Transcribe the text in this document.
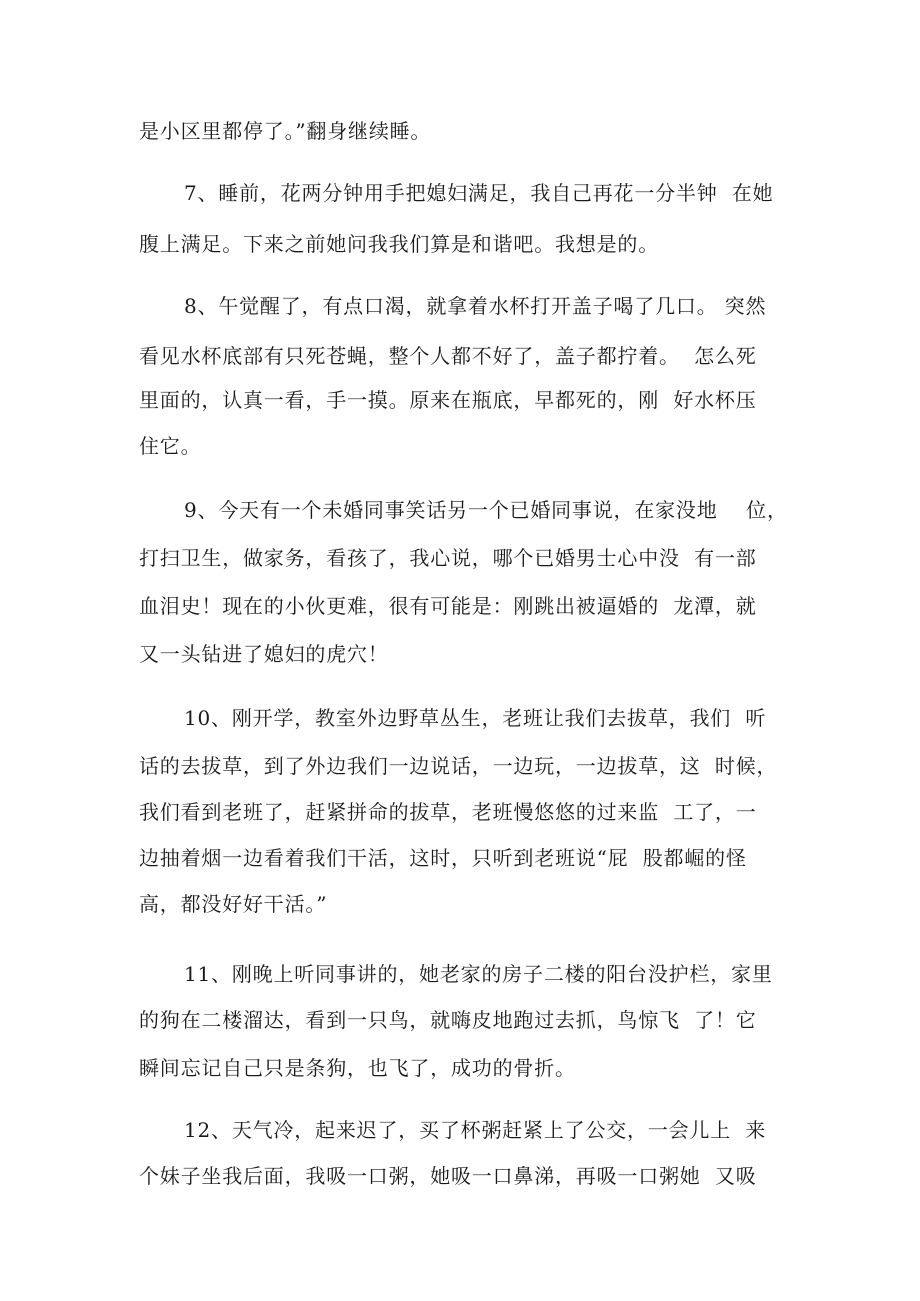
是小区里都停了。”翻身继续睡。
7、睡前，花两分钟用手把媳妇满足，我自己再花一分半钟  在她
腹上满足。下来之前她问我我们算是和谐吧。我想是的。
8、午觉醒了，有点口渴，就拿着水杯打开盖子喝了几口。 突然
看见水杯底部有只死苍蝇，整个人都不好了，盖子都拧着。  怎么死
里面的，认真一看，手一摸。原来在瓶底，早都死的，刚  好水杯压
住它。
9、今天有一个未婚同事笑话另一个已婚同事说，在家没地    位，
打扫卫生，做家务，看孩了，我心说，哪个已婚男士心中没  有一部
血泪史！现在的小伙更难，很有可能是：刚跳出被逼婚的  龙潭，就
又一头钻进了媳妇的虎穴！
10、刚开学，教室外边野草丛生，老班让我们去拔草，我们  听
话的去拔草，到了外边我们一边说话，一边玩，一边拔草，这  时候，
我们看到老班了，赶紧拼命的拔草，老班慢悠悠的过来监  工了，一
边抽着烟一边看着我们干活，这时，只听到老班说“屁  股都崛的怪
高，都没好好干活。”
11、刚晚上听同事讲的，她老家的房子二楼的阳台没护栏，家里
的狗在二楼溜达，看到一只鸟，就嗨皮地跑过去抓，鸟惊飞  了！它
瞬间忘记自己只是条狗，也飞了，成功的骨折。
12、天气冷，起来迟了，买了杯粥赶紧上了公交，一会儿上  来
个妹子坐我后面，我吸一口粥，她吸一口鼻涕，再吸一口粥她  又吸
